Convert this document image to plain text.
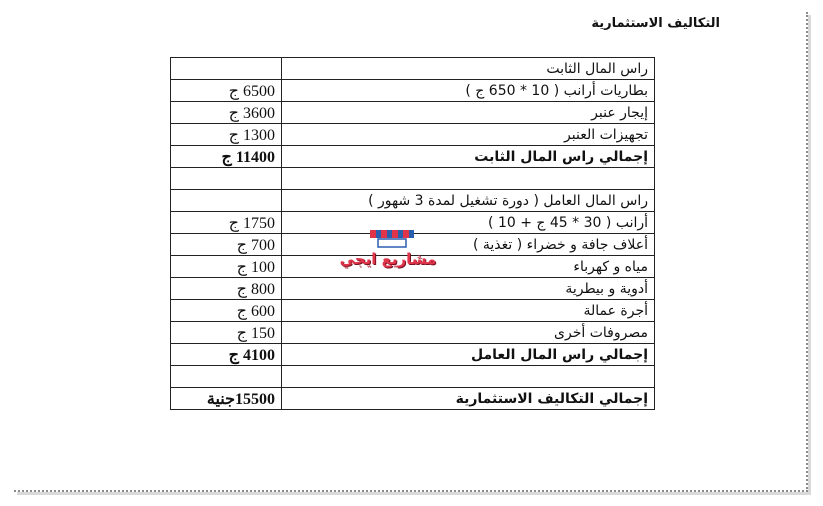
التكاليف الاستثمارية
	راس المال الثابت
6500 ج	بطاريات أرانب ( 10 * 650 ج )
3600 ج	إيجار عنبر
1300 ج	تجهيزات العنبر
11400 ج	إجمالي راس المال الثابت

	راس المال العامل ( دورة تشغيل لمدة 3 شهور )
1750 ج	أرانب ( 30 * 45 ج + 10 )
700 ج	أعلاف جافة و خضراء ( تغذية )
100 ج	مياه و كهرباء
800 ج	أدوية و بيطرية
600 ج	أجرة عمالة
150 ج	مصروفات أخرى
4100 ج	إجمالي راس المال العامل

15500جنية	إجمالي التكاليف الاستثمارية
مشاريع ايجي
